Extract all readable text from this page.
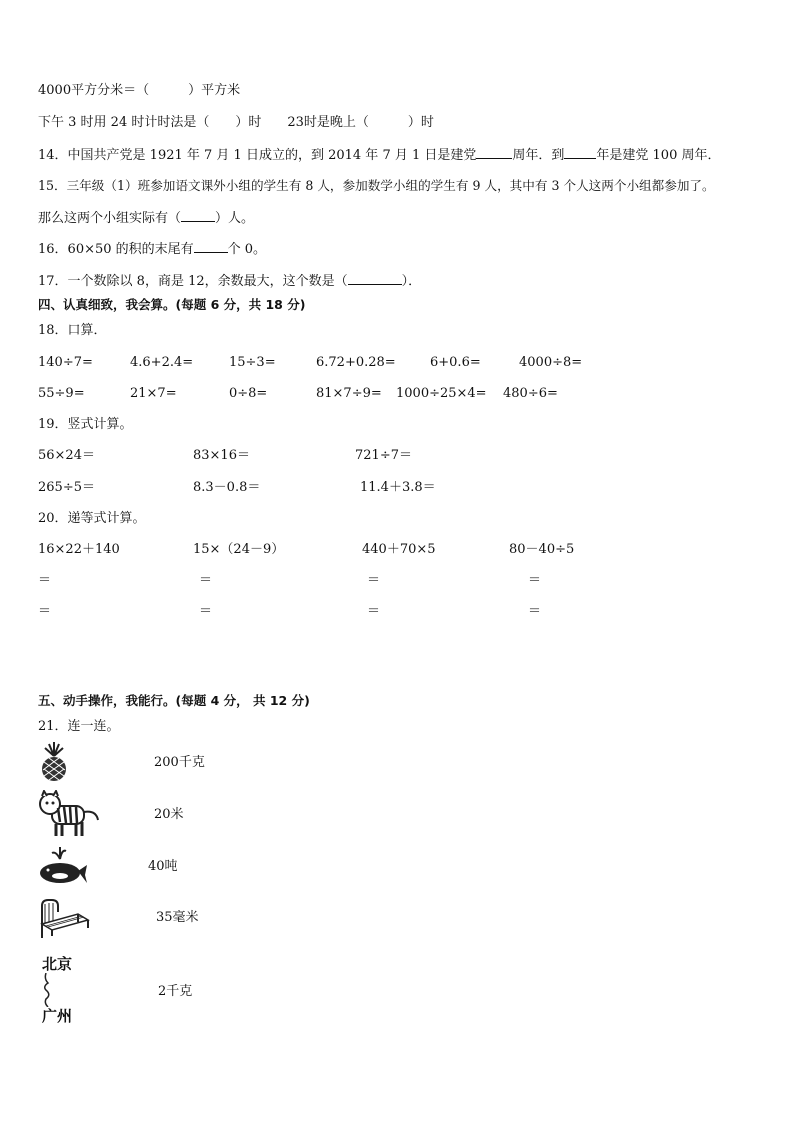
4000平方分米＝（　　　）平方米
下午 3 时用 24 时计时法是（　　）时　　23时是晚上（　　　）时
14．中国共产党是 1921 年 7 月 1 日成立的，到 2014 年 7 月 1 日是建党	周年．到 年是建党 100 周年．
15．三年级（1）班参加语文课外小组的学生有 8 人，参加数学小组的学生有 9 人，其中有 3 个人这两个小组都参加了。
那么这两个小组实际有（	）人。
16．60×50 的积的末尾有	个 0。
17．一个数除以 8，商是 12，余数最大，这个数是（	）．
四、认真细致，我会算。(每题 6 分，共 18 分)
18．口算．
140÷7=	4.6+2.4=	15÷3=	6.72+0.28=	6+0.6=	4000÷8=
55÷9=	21×7=	0÷8=	81×7÷9= 1000÷25×4= 480÷6=
19．竖式计算。
56×24＝	83×16＝	721÷7＝
265÷5＝	8.3－0.8＝	11.4＋3.8＝
20．递等式计算。
16×22＋140	15×（24－9）	440＋70×5	80－40÷5
＝	＝	＝	＝
＝	＝	＝	＝
五、动手操作，我能行。(每题 4 分， 共 12 分)
21．连一连。
200千克
20米
40吨
35毫米
北京
广州
2千克
